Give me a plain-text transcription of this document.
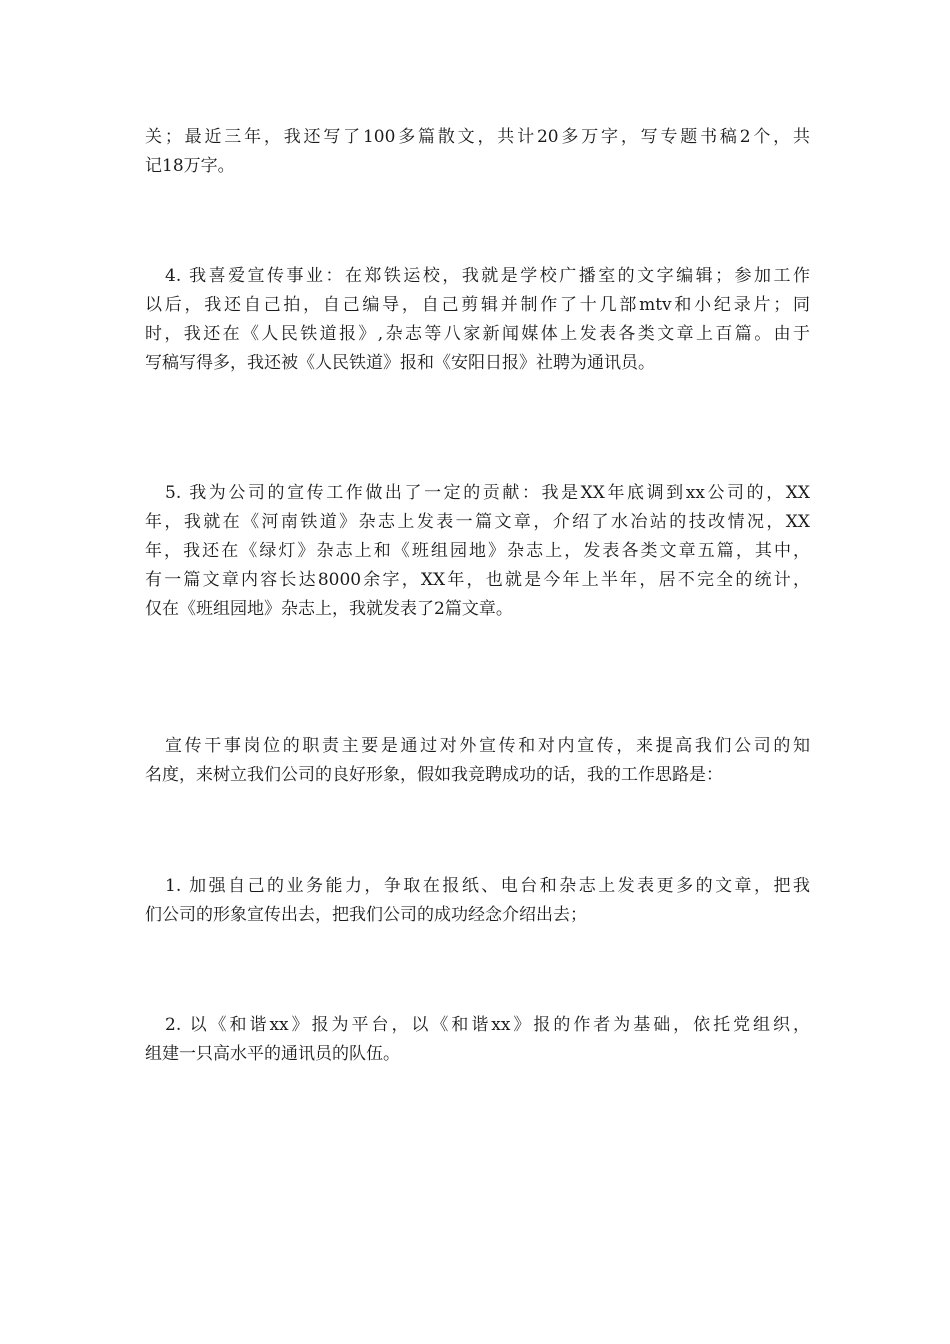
关；最近三年，我还写了100多篇散文，共计20多万字，写专题书稿2个，共
记18万字。

4. 我喜爱宣传事业：在郑铁运校，我就是学校广播室的文字编辑；参加工作
以后，我还自己拍，自己编导，自己剪辑并制作了十几部mtv和小纪录片；同
时，我还在《人民铁道报》,杂志等八家新闻媒体上发表各类文章上百篇。由于
写稿写得多，我还被《人民铁道》报和《安阳日报》社聘为通讯员。

5. 我为公司的宣传工作做出了一定的贡献：我是XX年底调到xx公司的，XX
年，我就在《河南铁道》杂志上发表一篇文章，介绍了水冶站的技改情况，XX
年，我还在《绿灯》杂志上和《班组园地》杂志上，发表各类文章五篇，其中，
有一篇文章内容长达8000余字，XX年，也就是今年上半年，居不完全的统计，
仅在《班组园地》杂志上，我就发表了2篇文章。

宣传干事岗位的职责主要是通过对外宣传和对内宣传，来提高我们公司的知
名度，来树立我们公司的良好形象，假如我竞聘成功的话，我的工作思路是：

1. 加强自己的业务能力，争取在报纸、电台和杂志上发表更多的文章，把我
们公司的形象宣传出去，把我们公司的成功经念介绍出去；

2. 以《和谐xx》报为平台，以《和谐xx》报的作者为基础，依托党组织，
组建一只高水平的通讯员的队伍。
